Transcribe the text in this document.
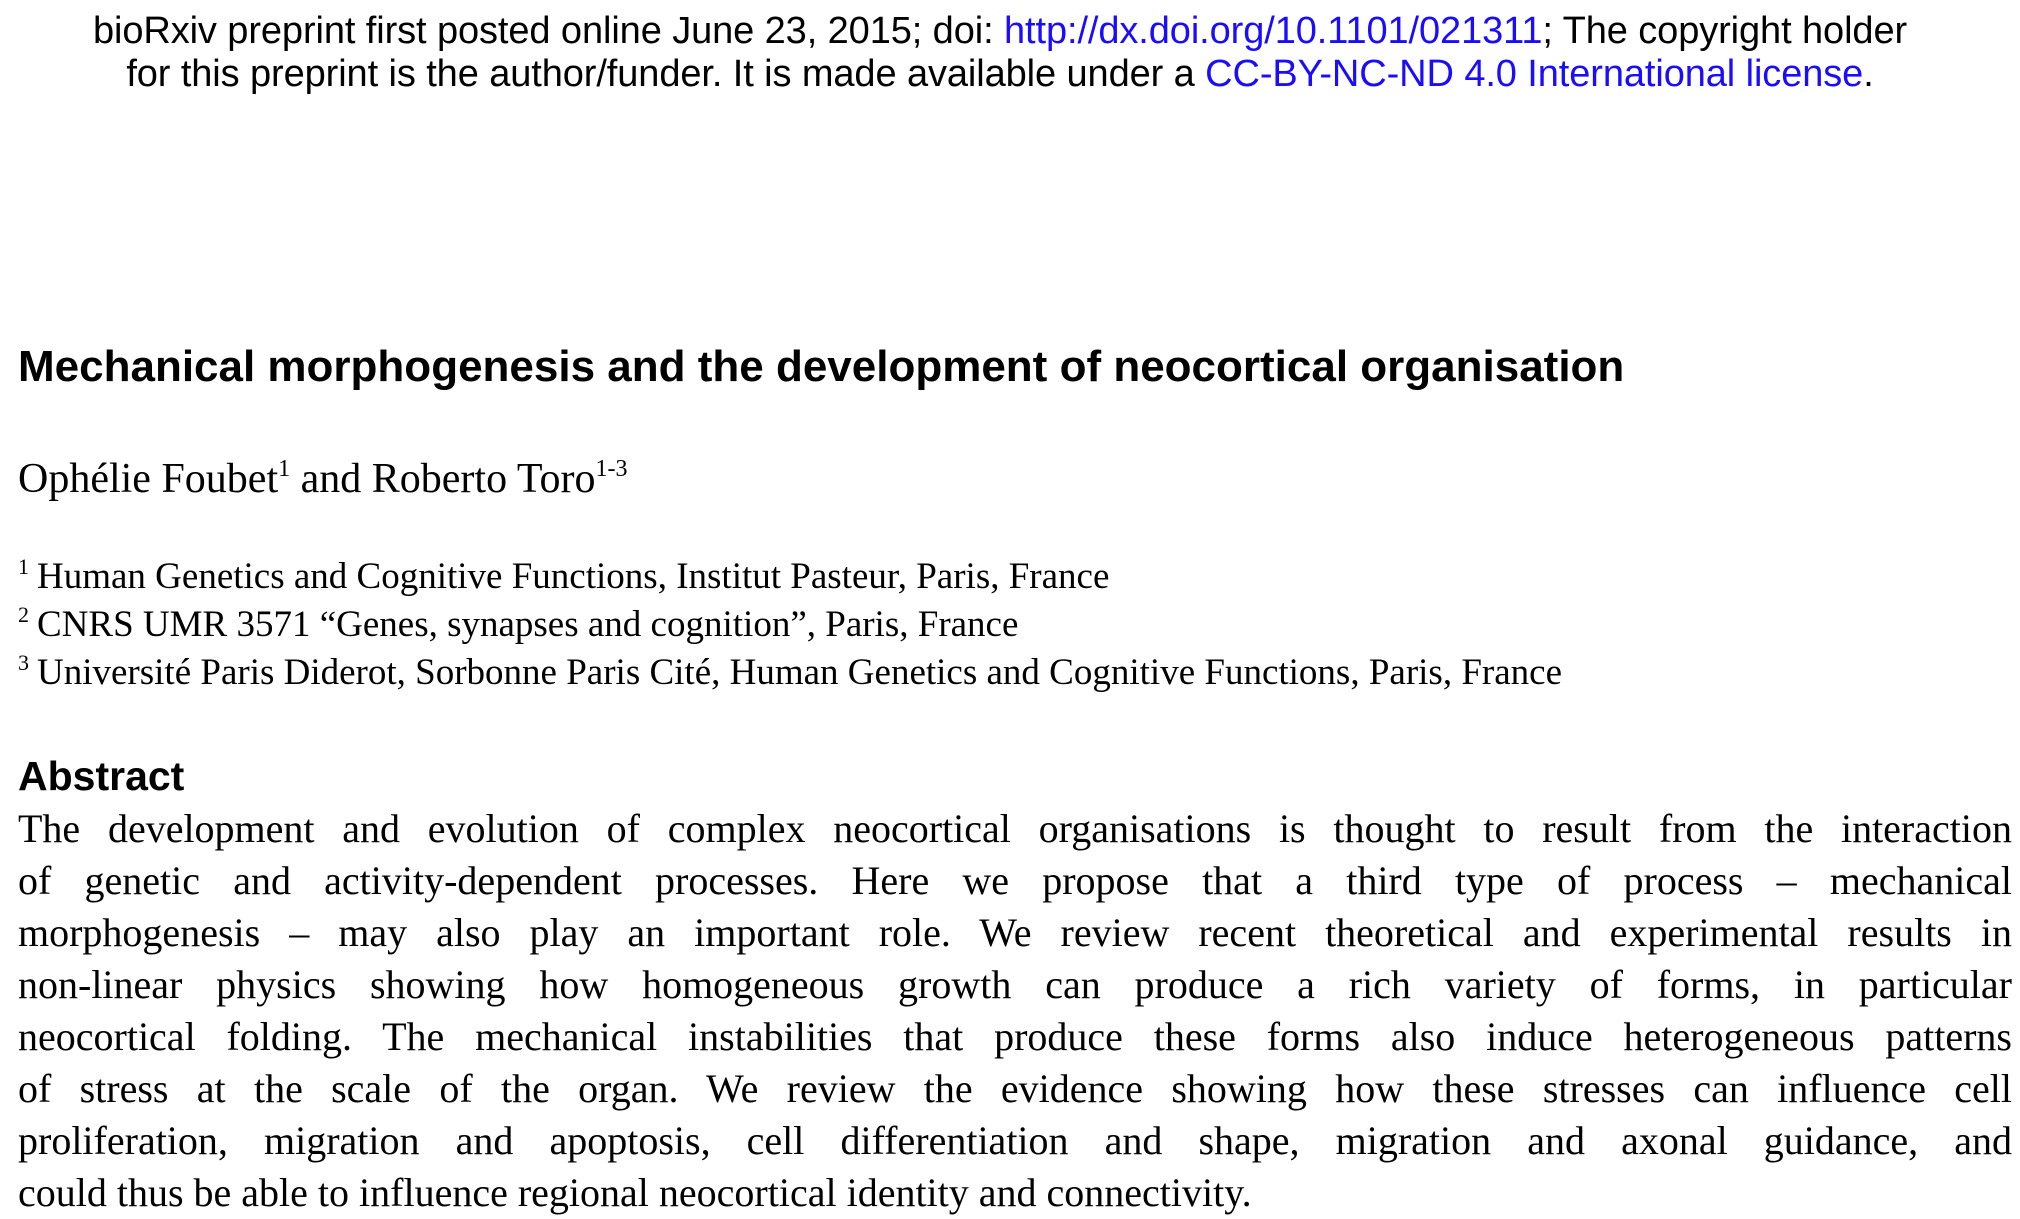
bioRxiv preprint first posted online June 23, 2015; doi: http://dx.doi.org/10.1101/021311; The copyright holder
for this preprint is the author/funder. It is made available under a CC-BY-NC-ND 4.0 International license.
Mechanical morphogenesis and the development of neocortical organisation
Ophélie Foubet$^1$ and Roberto Toro$^{1-3}$
$^1$ Human Genetics and Cognitive Functions, Institut Pasteur, Paris, France
$^2$ CNRS UMR 3571 “Genes, synapses and cognition”, Paris, France
$^3$ Université Paris Diderot, Sorbonne Paris Cité, Human Genetics and Cognitive Functions, Paris, France
Abstract
The development and evolution of complex neocortical organisations is thought to result from the interaction
of genetic and activity-dependent processes. Here we propose that a third type of process – mechanical
morphogenesis – may also play an important role. We review recent theoretical and experimental results in
non-linear physics showing how homogeneous growth can produce a rich variety of forms, in particular
neocortical folding. The mechanical instabilities that produce these forms also induce heterogeneous patterns
of stress at the scale of the organ. We review the evidence showing how these stresses can influence cell
proliferation, migration and apoptosis, cell differentiation and shape, migration and axonal guidance, and
could thus be able to influence regional neocortical identity and connectivity.
